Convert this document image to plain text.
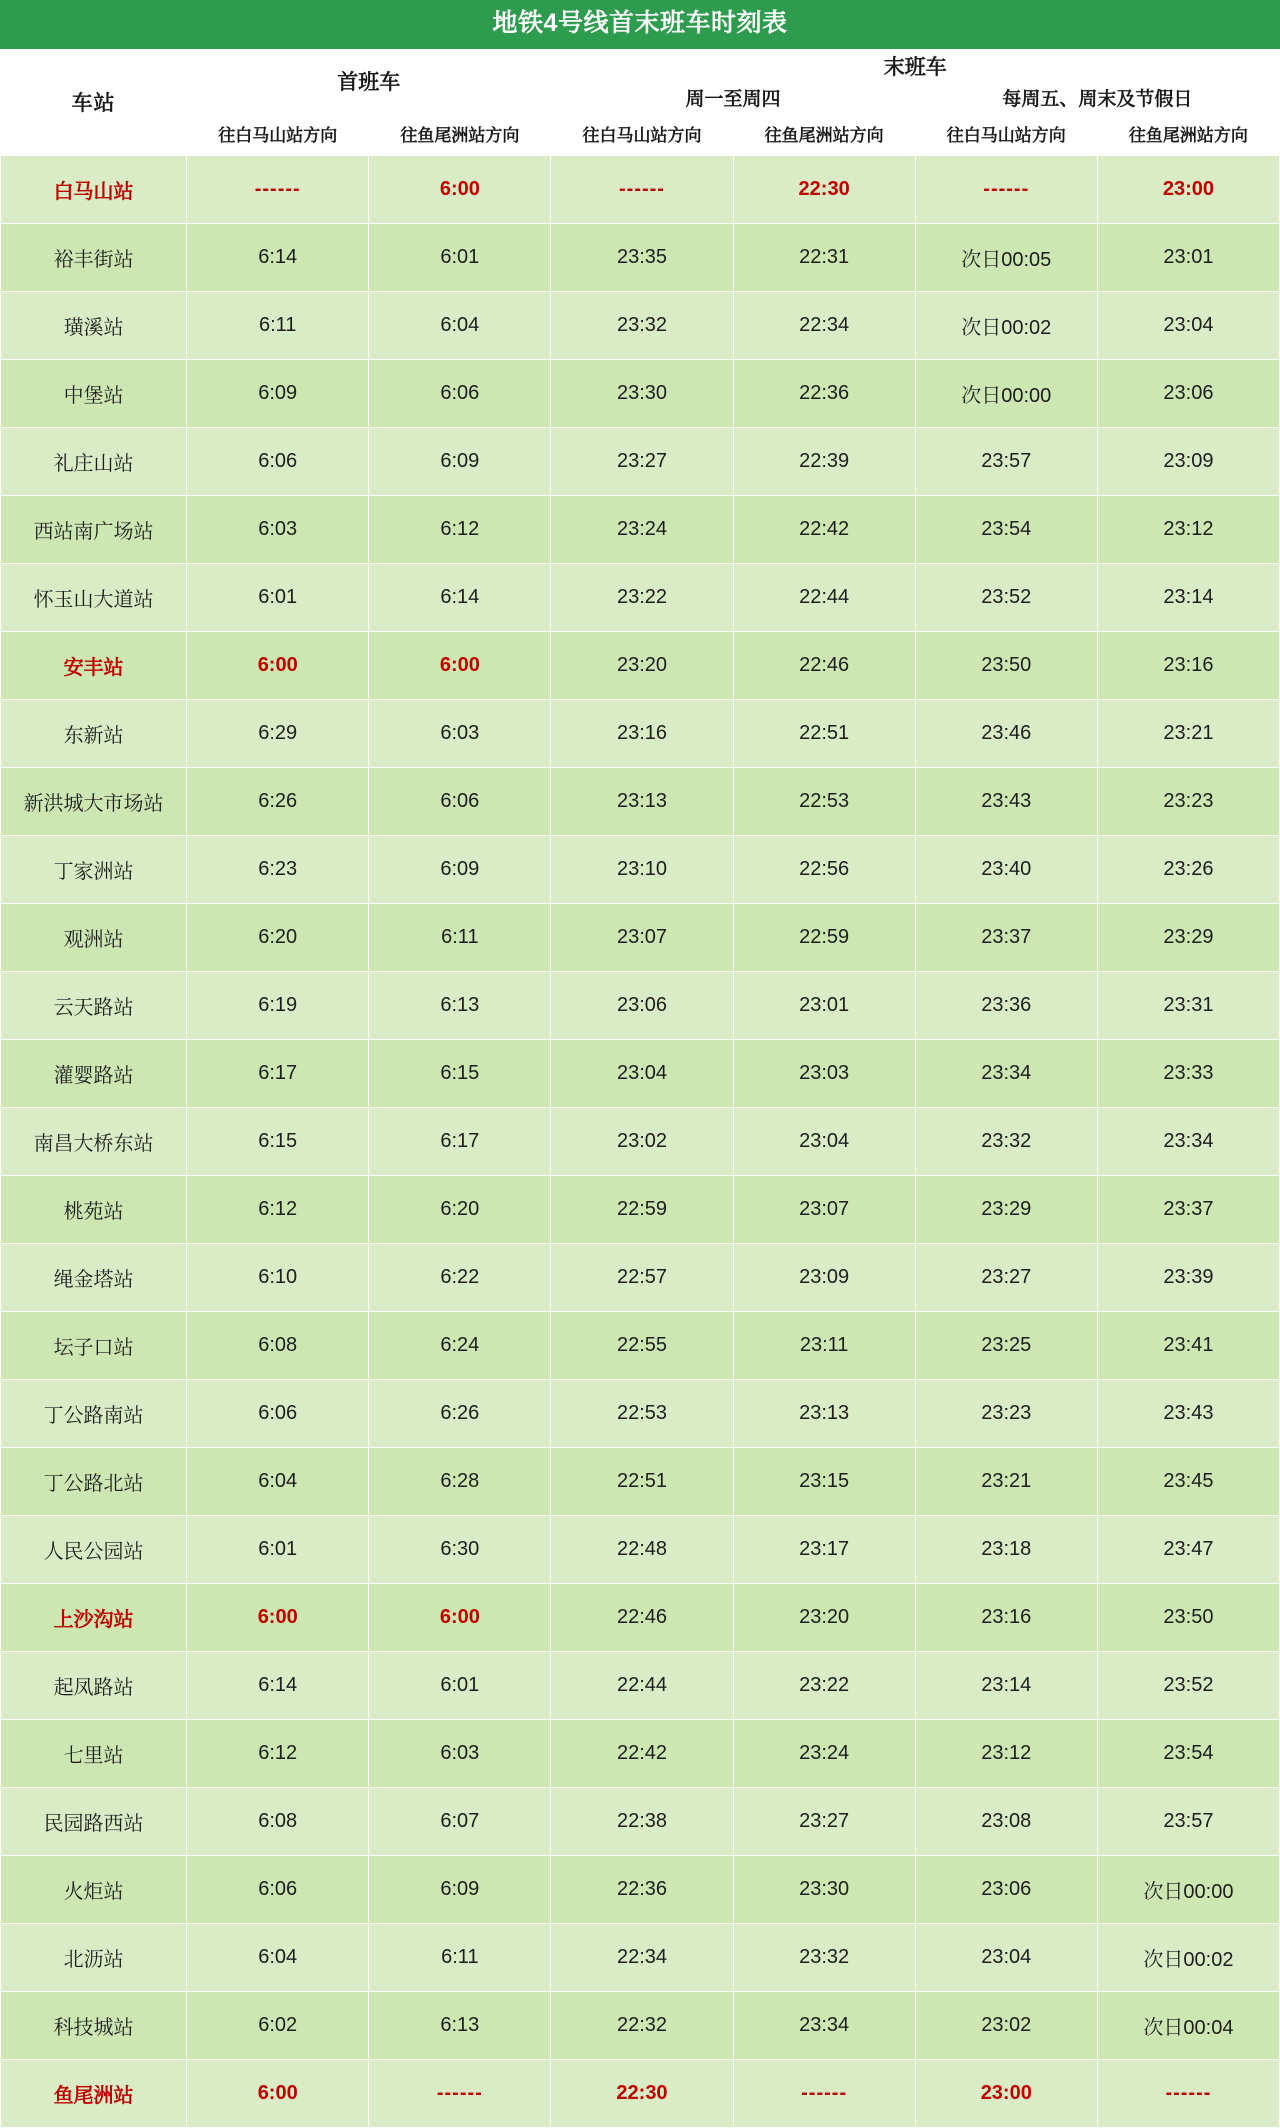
地铁4号线首末班车时刻表
车站	首班车		末班车			
			周一至周四		每周五、周末及节假日	
	往白马山站方向	往鱼尾洲站方向	往白马山站方向	往鱼尾洲站方向	往白马山站方向	往鱼尾洲站方向
白马山站	------	6:00	------	22:30	------	23:00
裕丰街站	6:14	6:01	23:35	22:31	次日00:05	23:01
璜溪站	6:11	6:04	23:32	22:34	次日00:02	23:04
中堡站	6:09	6:06	23:30	22:36	次日00:00	23:06
礼庄山站	6:06	6:09	23:27	22:39	23:57	23:09
西站南广场站	6:03	6:12	23:24	22:42	23:54	23:12
怀玉山大道站	6:01	6:14	23:22	22:44	23:52	23:14
安丰站	6:00	6:00	23:20	22:46	23:50	23:16
东新站	6:29	6:03	23:16	22:51	23:46	23:21
新洪城大市场站	6:26	6:06	23:13	22:53	23:43	23:23
丁家洲站	6:23	6:09	23:10	22:56	23:40	23:26
观洲站	6:20	6:11	23:07	22:59	23:37	23:29
云天路站	6:19	6:13	23:06	23:01	23:36	23:31
灌婴路站	6:17	6:15	23:04	23:03	23:34	23:33
南昌大桥东站	6:15	6:17	23:02	23:04	23:32	23:34
桃苑站	6:12	6:20	22:59	23:07	23:29	23:37
绳金塔站	6:10	6:22	22:57	23:09	23:27	23:39
坛子口站	6:08	6:24	22:55	23:11	23:25	23:41
丁公路南站	6:06	6:26	22:53	23:13	23:23	23:43
丁公路北站	6:04	6:28	22:51	23:15	23:21	23:45
人民公园站	6:01	6:30	22:48	23:17	23:18	23:47
上沙沟站	6:00	6:00	22:46	23:20	23:16	23:50
起凤路站	6:14	6:01	22:44	23:22	23:14	23:52
七里站	6:12	6:03	22:42	23:24	23:12	23:54
民园路西站	6:08	6:07	22:38	23:27	23:08	23:57
火炬站	6:06	6:09	22:36	23:30	23:06	次日00:00
北沥站	6:04	6:11	22:34	23:32	23:04	次日00:02
科技城站	6:02	6:13	22:32	23:34	23:02	次日00:04
鱼尾洲站	6:00	------	22:30	------	23:00	------
